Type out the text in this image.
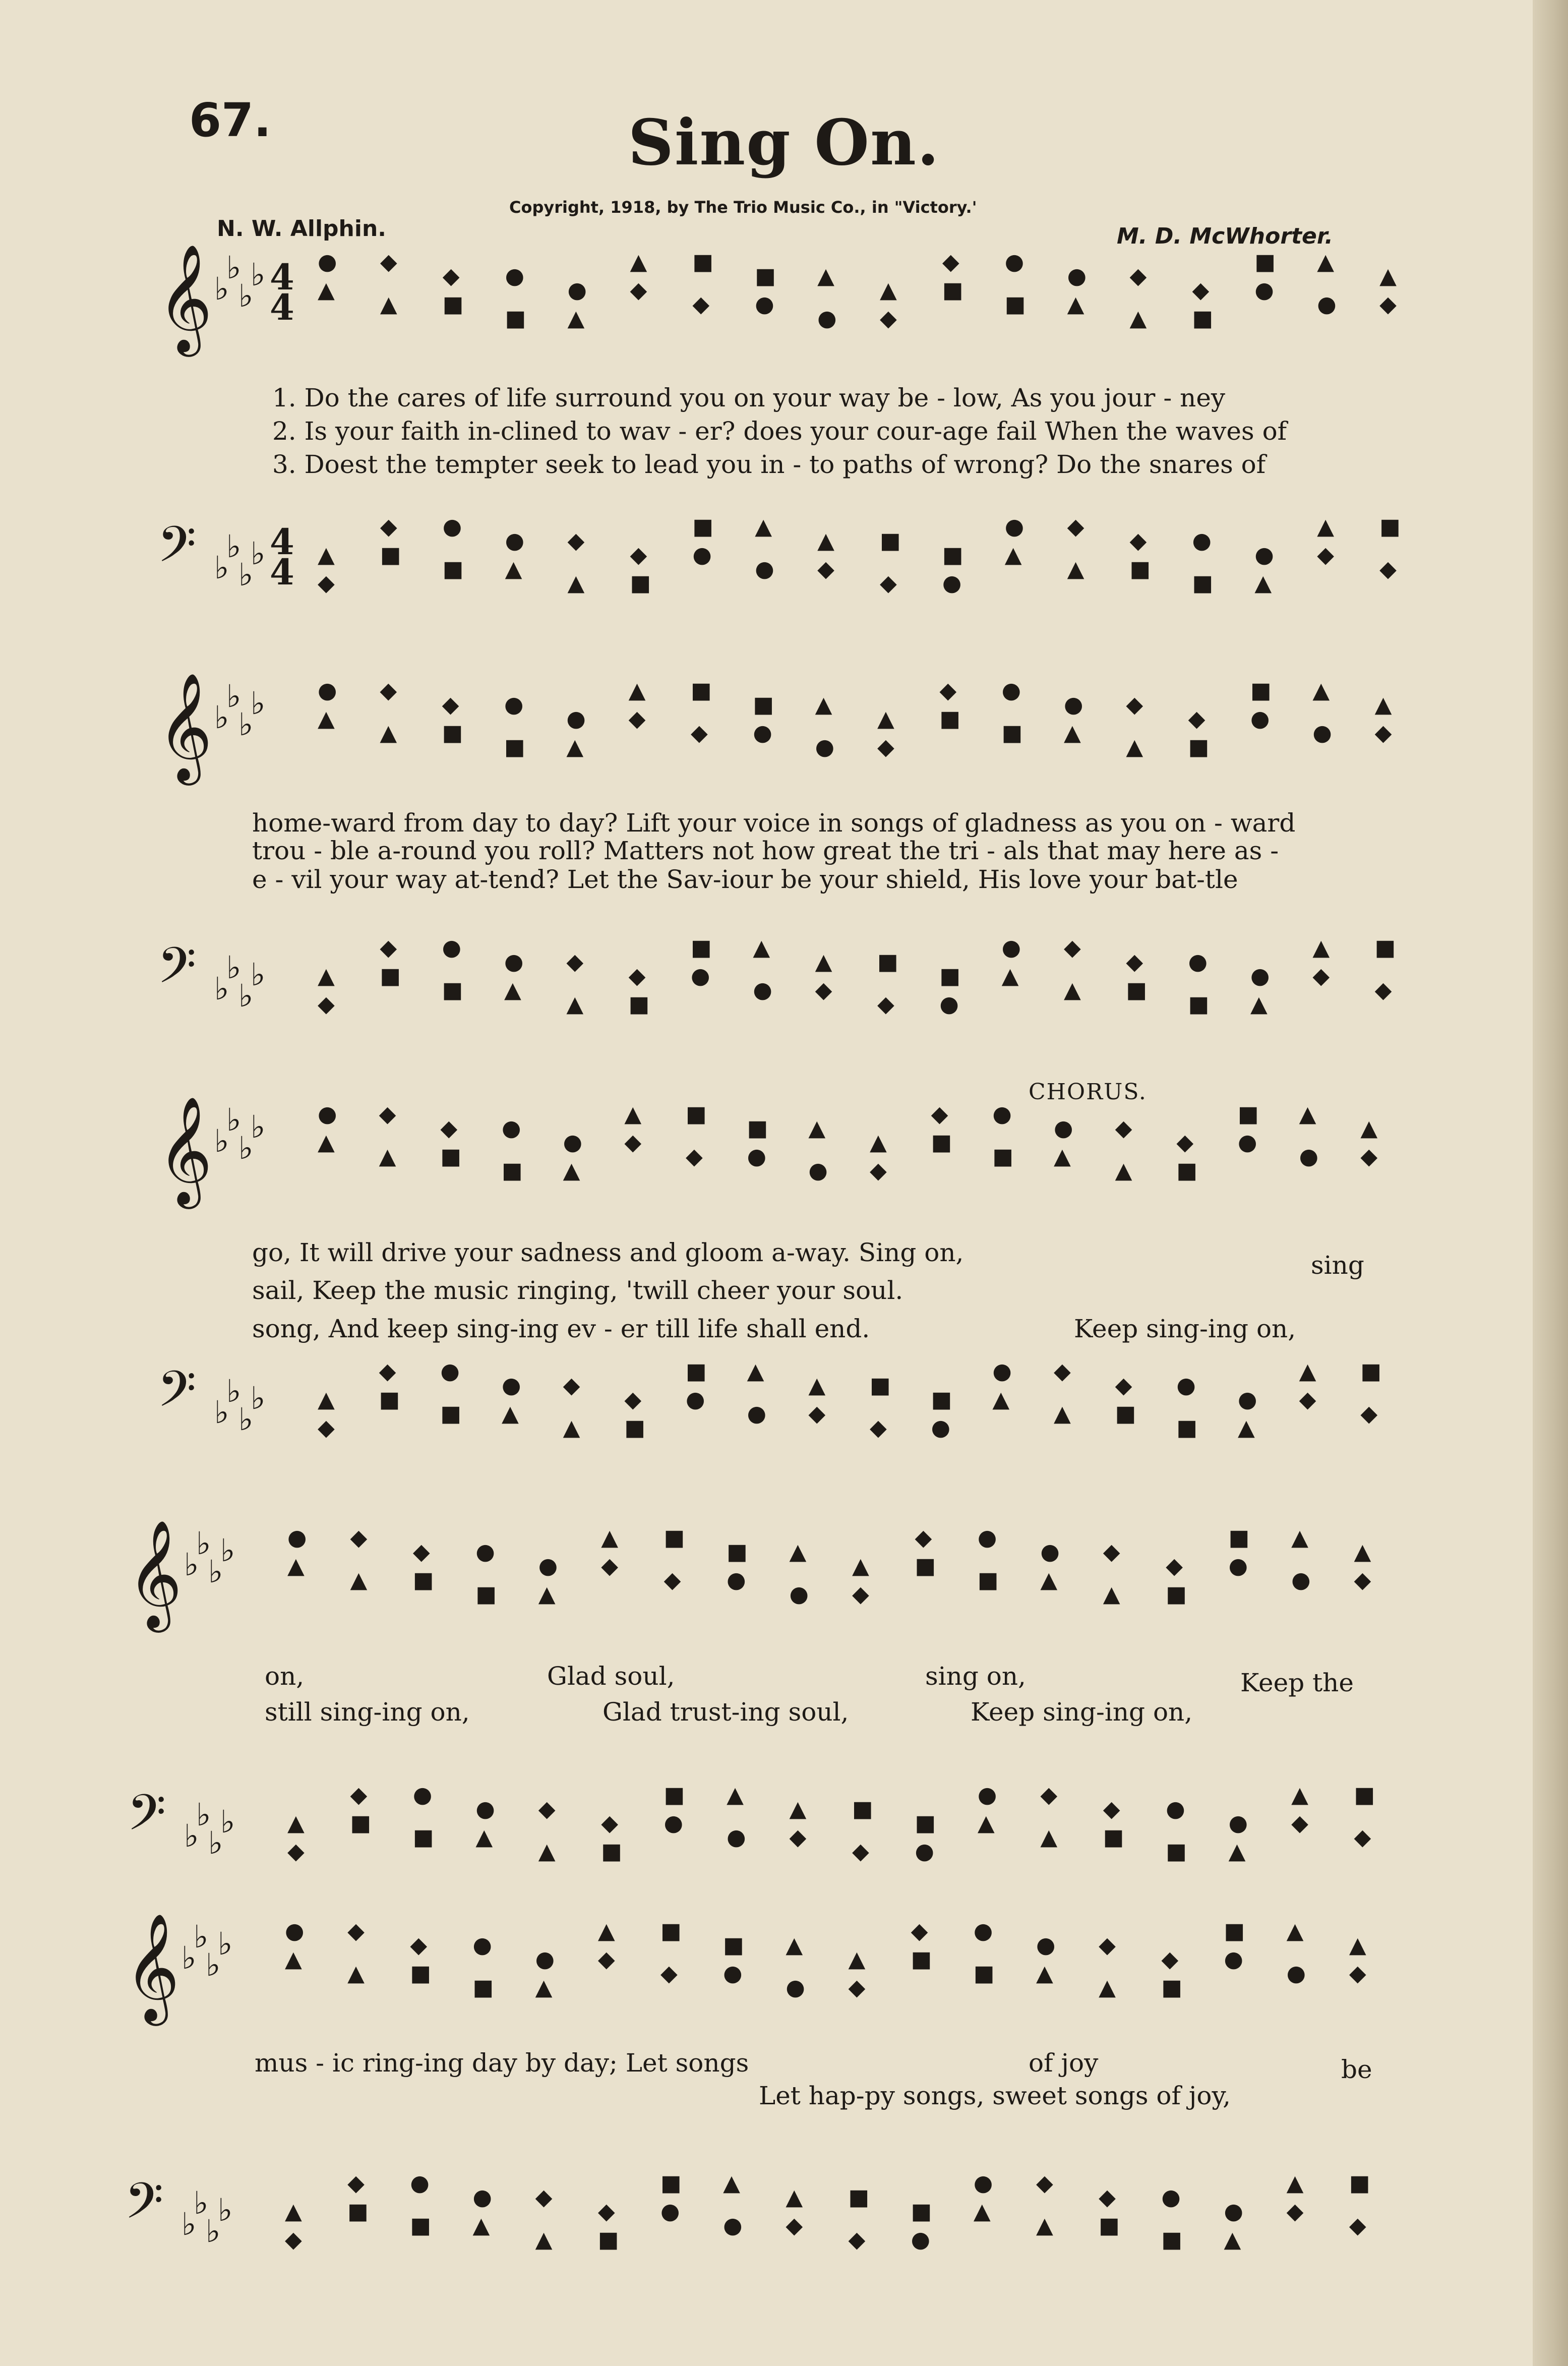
67.	Sing On.
Copyright, 1918, by The Trio Music Co., in "Victory.'
N. W. Allphin.	M. D. McWhorter.
𝄞 ♭
♭
♭
♭ 4
4
𝄢 ♭
♭
♭
♭ 4
4
●
▲
▲
◆
▲
◆
◆
■
◆
■
■
●
■
●
●
▲
●
▲
▲
◆
▲
◆
◆
■
◆
■
■
●
■
●
●
▲
●
▲
▲
◆
▲
◆
◆
■
◆
■
■
●
■
●
●
▲
●
▲
▲
◆
▲
◆
◆
■
◆
■
■
●
■
●
●
▲
●
▲
▲
◆
▲
◆
◆
■
𝄞 ♭
♭
♭
♭
𝄢 ♭
♭
♭
♭
●
▲
▲
◆
▲
◆
◆
■
◆
■
■
●
■
●
●
▲
●
▲
▲
◆
▲
◆
◆
■
◆
■
■
●
■
●
●
▲
●
▲
▲
◆
▲
◆
◆
■
◆
■
■
●
■
●
●
▲
●
▲
▲
◆
▲
◆
◆
■
◆
■
■
●
■
●
●
▲
●
▲
▲
◆
▲
◆
◆
■
𝄞 ♭
♭
♭
♭
𝄢 ♭
♭
♭
♭
●
▲
▲
◆
▲
◆
◆
■
◆
■
■
●
■
●
●
▲
●
▲
▲
◆
▲
◆
◆
■
◆
■
■
●
■
●
●
▲
●
▲
▲
◆
▲
◆
◆
■
◆
■
■
●
■
●
●
▲
●
▲
▲
◆
▲
◆
◆
■
◆
■
■
●
■
●
●
▲
●
▲
▲
◆
▲
◆
◆
■
𝄞 ♭
♭
♭
♭
𝄢 ♭
♭
♭
♭
●
▲
▲
◆
▲
◆
◆
■
◆
■
■
●
■
●
●
▲
●
▲
▲
◆
▲
◆
◆
■
◆
■
■
●
■
●
●
▲
●
▲
▲
◆
▲
◆
◆
■
◆
■
■
●
■
●
●
▲
●
▲
▲
◆
▲
◆
◆
■
◆
■
■
●
■
●
●
▲
●
▲
▲
◆
▲
◆
◆
■
𝄞 ♭
♭
♭
♭
𝄢 ♭
♭
♭
♭
●
▲
▲
◆
▲
◆
◆
■
◆
■
■
●
■
●
●
▲
●
▲
▲
◆
▲
◆
◆
■
◆
■
■
●
■
●
●
▲
●
▲
▲
◆
▲
◆
◆
■
◆
■
■
●
■
●
●
▲
●
▲
▲
◆
▲
◆
◆
■
◆
■
■
●
■
●
●
▲
●
▲
▲
◆
▲
◆
◆
■
1. Do the cares of life surround you on your way be - low, As you jour - ney
2. Is your faith in-clined to wav - er? does your cour-age fail When the waves of
3. Doest the tempter seek to lead you in - to paths of wrong? Do the snares of
home-ward from day to day? Lift your voice in songs of gladness as you on - ward
trou - ble a-round you roll? Matters not how great the tri - als that may here as -
e - vil your way at-tend? Let the Sav-iour be your shield, His love your bat-tle
CHORUS.
go, It will drive your sadness and gloom a-way. Sing on,
sail, Keep the music ringing, 'twill cheer your soul.
song, And keep sing-ing ev - er till life shall end.
sing
Keep sing-ing on,
on,
still sing-ing on,
Glad soul,	sing on,	Keep the
Glad trust-ing soul,	Keep sing-ing on,
mus - ic ring-ing day by day; Let songs
Let hap-py songs, sweet songs of joy,
of joy	be
